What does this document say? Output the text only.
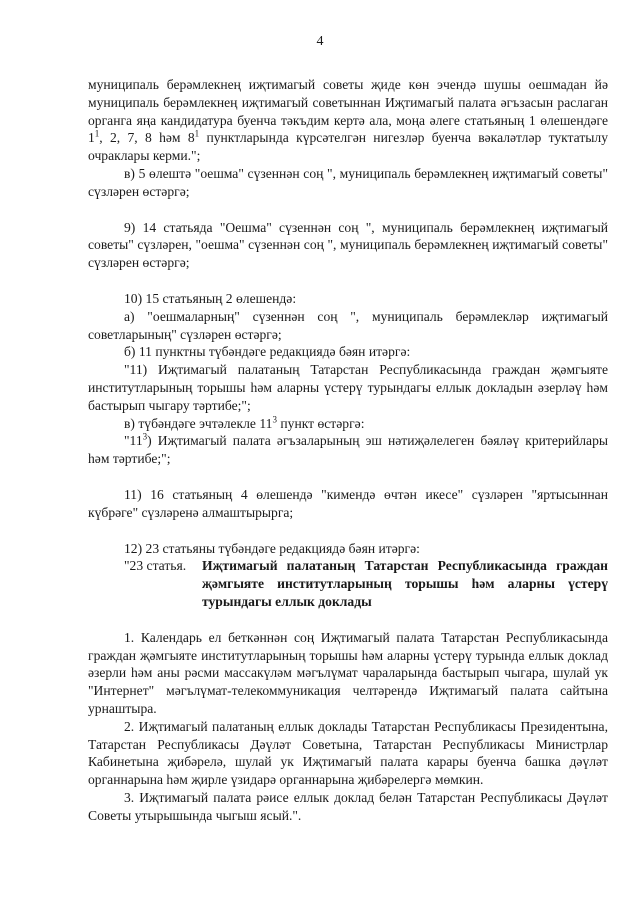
4

муниципаль берәмлекнең иҗтимагый советы җиде көн эчендә шушы оешмадан йә муниципаль берәмлекнең иҗтимагый советыннан Иҗтимагый палата әгъзасын раслаган органга яңа кандидатура буенча тәкъдим кертә ала, моңа әлеге статьяның 1 өлешендәге $1^1$, 2, 7, 8 һәм $8^1$ пунктларында күрсәтелгән нигезләр буенча вәкаләтләр туктатылу очраклары керми.";

в) 5 өлештә "оешма" сүзеннән соң ", муниципаль берәмлекнең иҗтимагый советы" сүзләрен өстәргә;

9) 14 статьяда "Оешма" сүзеннән соң ", муниципаль берәмлекнең иҗтимагый советы" сүзләрен, "оешма" сүзеннән соң ", муниципаль берәмлекнең иҗтимагый советы" сүзләрен өстәргә;

10) 15 статьяның 2 өлешендә:

а) "оешмаларның" сүзеннән соң ", муниципаль берәмлекләр иҗтимагый советларының" сүзләрен өстәргә;

б) 11 пунктны түбәндәге редакциядә бәян итәргә:

"11) Иҗтимагый палатаның Татарстан Республикасында граждан җәмгыяте институтларының торышы һәм аларны үстерү турындагы еллык докладын әзерләү һәм бастырып чыгару тәртибе;";

в) түбәндәге эчтәлекле $11^3$ пункт өстәргә:

"$11^3$) Иҗтимагый палата әгъзаларының эш нәтиҗәлелеген бәяләү критерийлары һәм тәртибе;";

11) 16 статьяның 4 өлешендә "кимендә өчтән икесе" сүзләрен "яртысыннан күбрәге" сүзләренә алмаштырырга;

12) 23 статьяны түбәндәге редакциядә бәян итәргә:

"23 статья.	Иҗтимагый палатаның Татарстан Республикасында граждан җәмгыяте институтларының торышы һәм аларны үстерү турындагы еллык доклады

1. Календарь ел беткәннән соң Иҗтимагый палата Татарстан Республикасында граждан җәмгыяте институтларының торышы һәм аларны үстерү турында еллык доклад әзерли һәм аны рәсми массакүләм мәгълүмат чараларында бастырып чыгара, шулай ук "Интернет" мәгълүмат-телекоммуникация челтәрендә Иҗтимагый палата сайтына урнаштыра.

2. Иҗтимагый палатаның еллык доклады Татарстан Республикасы Президентына, Татарстан Республикасы Дәүләт Советына, Татарстан Республикасы Министрлар Кабинетына җибәрелә, шулай ук Иҗтимагый палата карары буенча башка дәүләт органнарына һәм җирле үзидарә органнарына җибәрелергә мөмкин.

3. Иҗтимагый палата рәисе еллык доклад белән Татарстан Республикасы Дәүләт Советы утырышында чыгыш ясый.".
